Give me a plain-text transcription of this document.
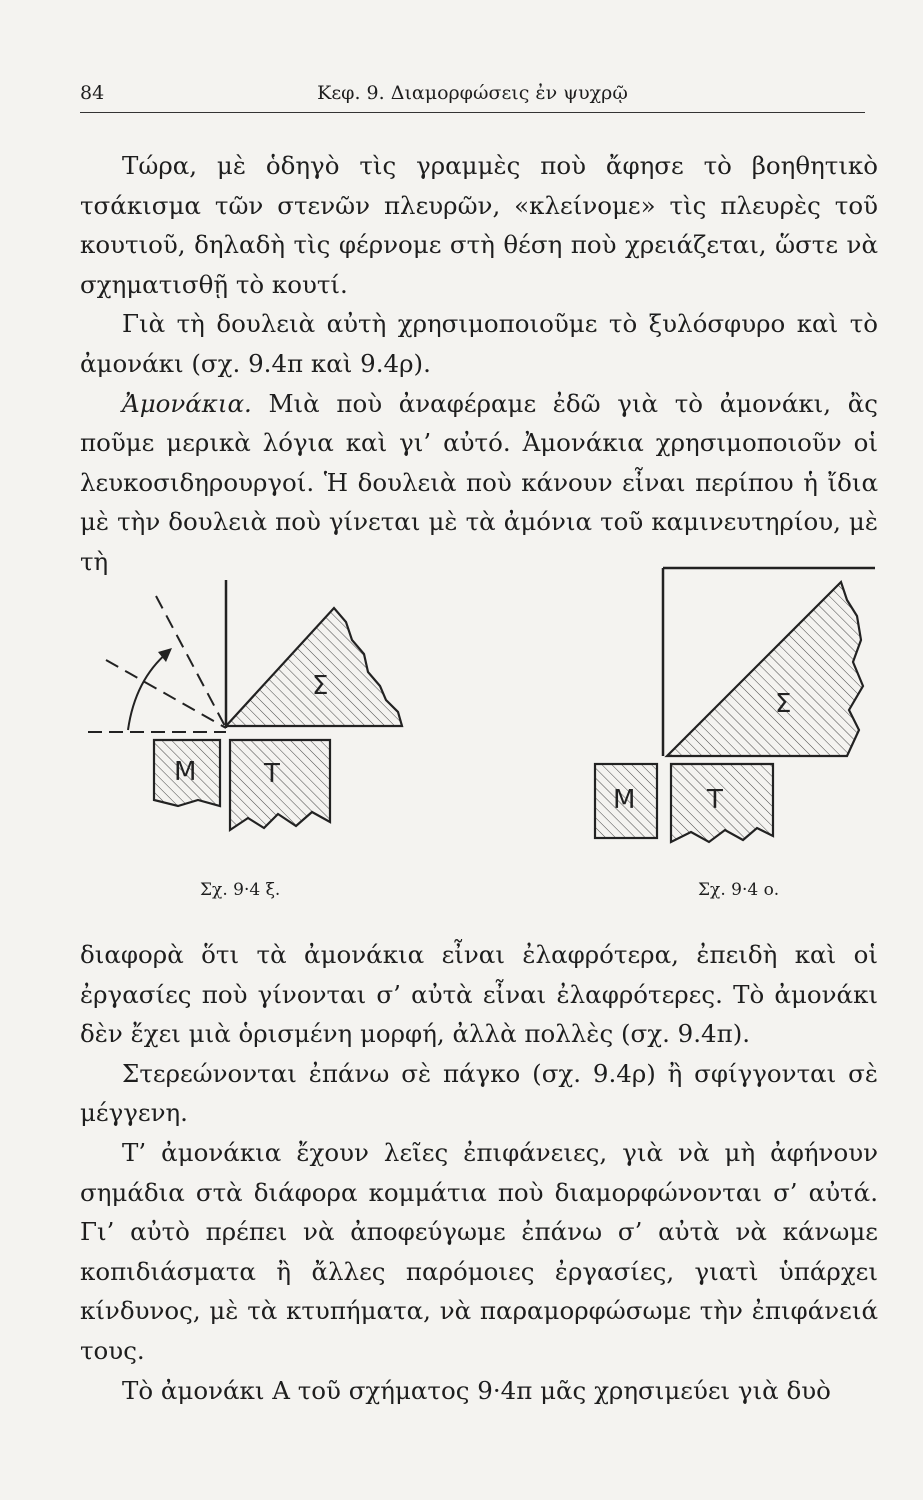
84	Κεφ. 9. Διαμορφώσεις ἐν ψυχρῷ

Τώρα, μὲ ὁδηγὸ τὶς γραμμὲς ποὺ ἄφησε τὸ βοηθητικὸ τσάκισμα τῶν στενῶν πλευρῶν, «κλείνομε» τὶς πλευρὲς τοῦ κουτιοῦ, δηλαδὴ τὶς φέρνομε στὴ θέση ποὺ χρειάζεται, ὥστε νὰ σχηματισθῇ τὸ κουτί.

Γιὰ τὴ δουλειὰ αὐτὴ χρησιμοποιοῦμε τὸ ξυλόσφυρο καὶ τὸ ἀμονάκι (σχ. 9.4π καὶ 9.4ρ).

Ἀμονάκια. Μιὰ ποὺ ἀναφέραμε ἐδῶ γιὰ τὸ ἀμονάκι, ἂς ποῦμε μερικὰ λόγια καὶ γι’ αὐτό. Ἀμονάκια χρησιμοποιοῦν οἱ λευκοσιδηρουργοί. Ἡ δουλειὰ ποὺ κάνουν εἶναι περίπου ἡ ἴδια μὲ τὴν δουλειὰ ποὺ γίνεται μὲ τὰ ἀμόνια τοῦ καμινευτηρίου, μὲ τὴ

Σ
Μ	Τ
Σ
Μ	Τ
Σχ. 9·4 ξ.	Σχ. 9·4 ο.

διαφορὰ ὅτι τὰ ἀμονάκια εἶναι ἐλαφρότερα, ἐπειδὴ καὶ οἱ ἐργασίες ποὺ γίνονται σ’ αὐτὰ εἶναι ἐλαφρότερες. Τὸ ἀμονάκι δὲν ἔχει μιὰ ὁρισμένη μορφή, ἀλλὰ πολλὲς (σχ. 9.4π).

Στερεώνονται ἐπάνω σὲ πάγκο (σχ. 9.4ρ) ἢ σφίγγονται σὲ μέγγενη.

Τ’ ἀμονάκια ἔχουν λεῖες ἐπιφάνειες, γιὰ νὰ μὴ ἀφήνουν σημάδια στὰ διάφορα κομμάτια ποὺ διαμορφώνονται σ’ αὐτά. Γι’ αὐτὸ πρέπει νὰ ἀποφεύγωμε ἐπάνω σ’ αὐτὰ νὰ κάνωμε κοπιδιάσματα ἢ ἄλλες παρόμοιες ἐργασίες, γιατὶ ὑπάρχει κίνδυνος, μὲ τὰ κτυπήματα, νὰ παραμορφώσωμε τὴν ἐπιφάνειά τους.

Τὸ ἀμονάκι Α τοῦ σχήματος 9·4π μᾶς χρησιμεύει γιὰ δυὸ
